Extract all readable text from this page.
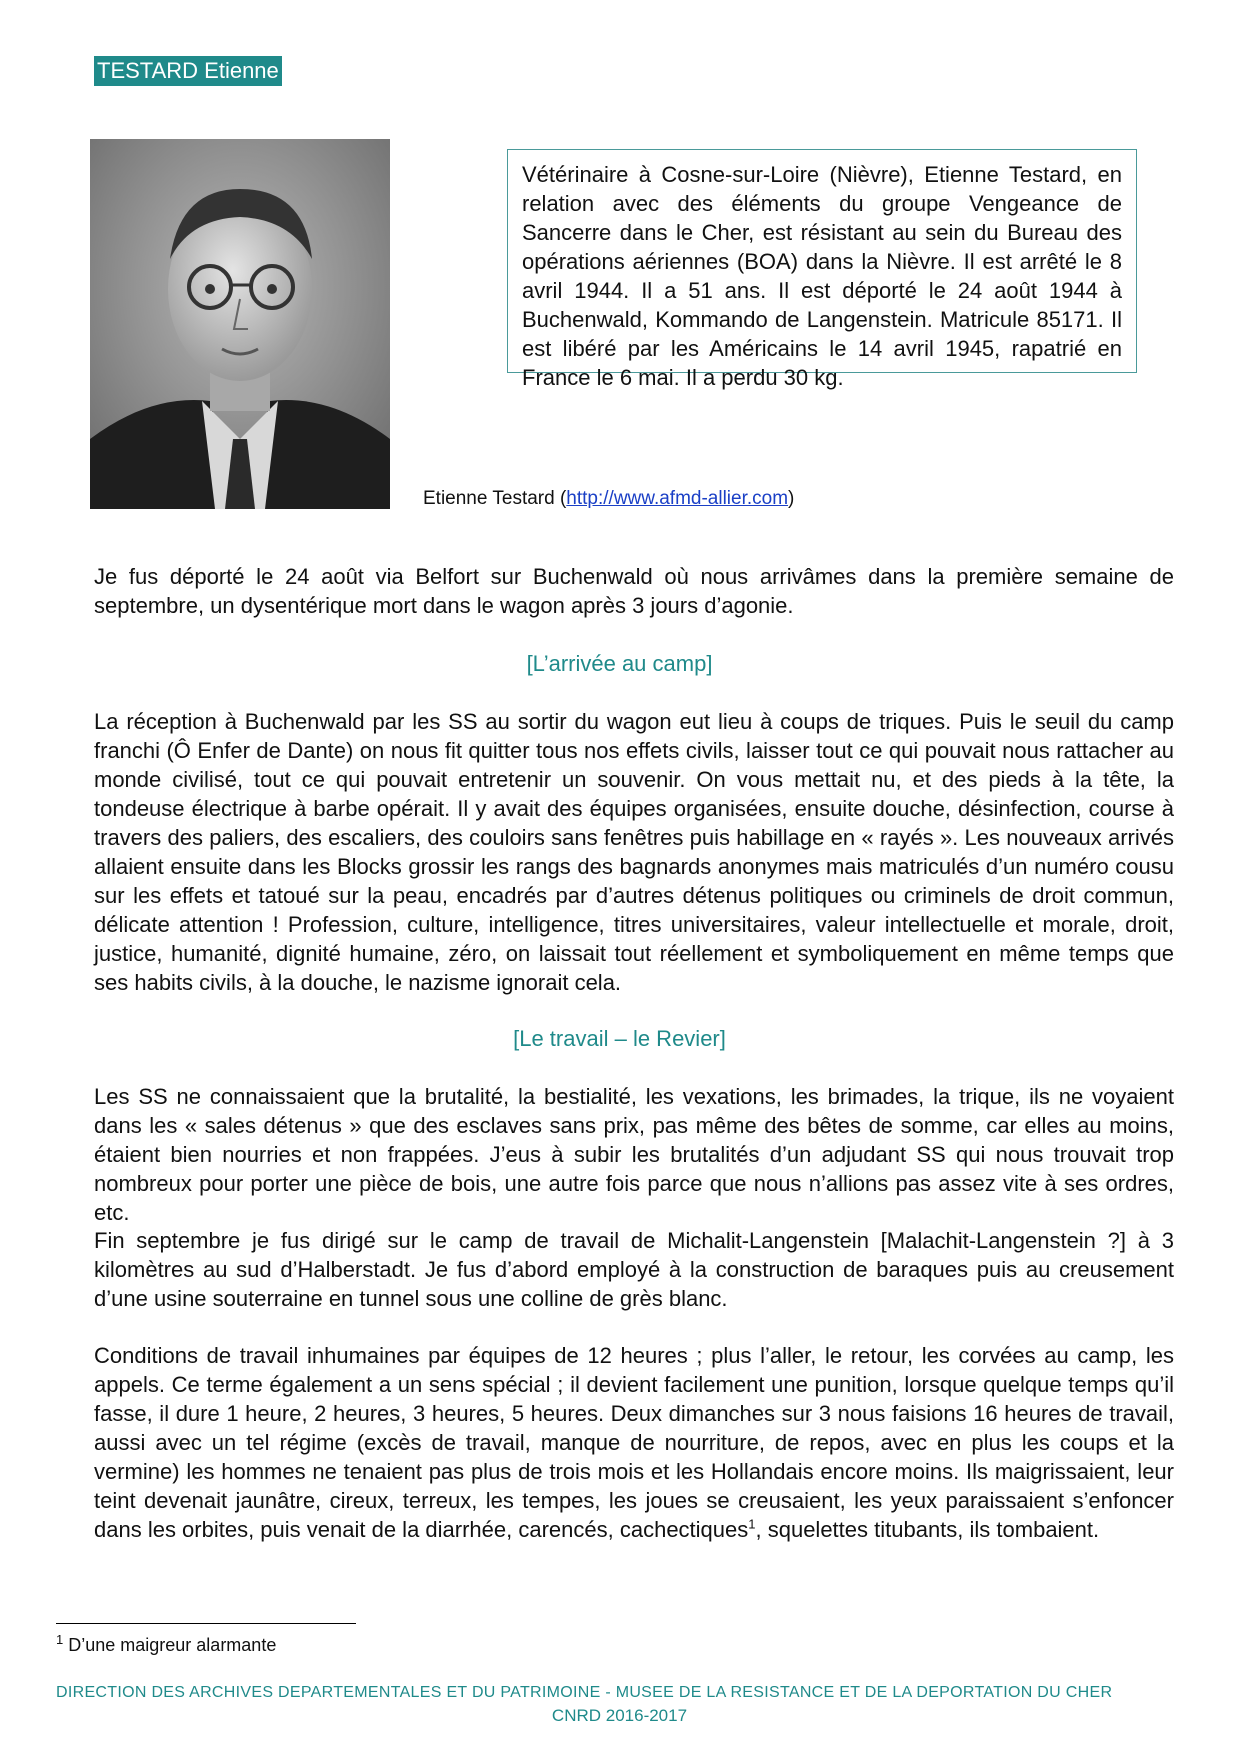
TESTARD Etienne
Vétérinaire à Cosne-sur-Loire (Nièvre), Etienne Testard, en relation avec des éléments du groupe Vengeance de Sancerre dans le Cher, est résistant au sein du Bureau des opérations aériennes (BOA) dans la Nièvre. Il est arrêté le 8 avril 1944. Il a 51 ans. Il est déporté le 24 août 1944 à Buchenwald, Kommando de Langenstein. Matricule 85171. Il est libéré par les Américains le 14 avril 1945, rapatrié en France le 6 mai. Il a perdu 30 kg.
Etienne Testard (http://www.afmd-allier.com)

Je fus déporté le 24 août via Belfort sur Buchenwald où nous arrivâmes dans la première semaine de septembre, un dysentérique mort dans le wagon après 3 jours d’agonie.

[L’arrivée au camp]

La réception à Buchenwald par les SS au sortir du wagon eut lieu à coups de triques. Puis le seuil du camp franchi (Ô Enfer de Dante) on nous fit quitter tous nos effets civils, laisser tout ce qui pouvait nous rattacher au monde civilisé, tout ce qui pouvait entretenir un souvenir. On vous mettait nu, et des pieds à la tête, la tondeuse électrique à barbe opérait. Il y avait des équipes organisées, ensuite douche, désinfection, course à travers des paliers, des escaliers, des couloirs sans fenêtres puis habillage en « rayés ». Les nouveaux arrivés allaient ensuite dans les Blocks grossir les rangs des bagnards anonymes mais matriculés d’un numéro cousu sur les effets et tatoué sur la peau, encadrés par d’autres détenus politiques ou criminels de droit commun, délicate attention ! Profession, culture, intelligence, titres universitaires, valeur intellectuelle et morale, droit, justice, humanité, dignité humaine, zéro, on laissait tout réellement et symboliquement en même temps que ses habits civils, à la douche, le nazisme ignorait cela.

[Le travail – le Revier]

Les SS ne connaissaient que la brutalité, la bestialité, les vexations, les brimades, la trique, ils ne voyaient dans les « sales détenus » que des esclaves sans prix, pas même des bêtes de somme, car elles au moins, étaient bien nourries et non frappées. J’eus à subir les brutalités d’un adjudant SS qui nous trouvait trop nombreux pour porter une pièce de bois, une autre fois parce que nous n’allions pas assez vite à ses ordres, etc.

Fin septembre je fus dirigé sur le camp de travail de Michalit-Langenstein [Malachit-Langenstein ?] à 3 kilomètres au sud d’Halberstadt. Je fus d’abord employé à la construction de baraques puis au creusement d’une usine souterraine en tunnel sous une colline de grès blanc.

Conditions de travail inhumaines par équipes de 12 heures ; plus l’aller, le retour, les corvées au camp, les appels. Ce terme également a un sens spécial ; il devient facilement une punition, lorsque quelque temps qu’il fasse, il dure 1 heure, 2 heures, 3 heures, 5 heures. Deux dimanches sur 3 nous faisions 16 heures de travail, aussi avec un tel régime (excès de travail, manque de nourriture, de repos, avec en plus les coups et la vermine) les hommes ne tenaient pas plus de trois mois et les Hollandais encore moins. Ils maigrissaient, leur teint devenait jaunâtre, cireux, terreux, les tempes, les joues se creusaient, les yeux paraissaient s’enfoncer dans les orbites, puis venait de la diarrhée, carencés, cachectiques$^1$, squelettes titubants, ils tombaient.

$^1$ D’une maigreur alarmante
DIRECTION DES ARCHIVES DEPARTEMENTALES ET DU PATRIMOINE - MUSEE DE LA RESISTANCE ET DE LA DEPORTATION DU CHER
CNRD 2016-2017
